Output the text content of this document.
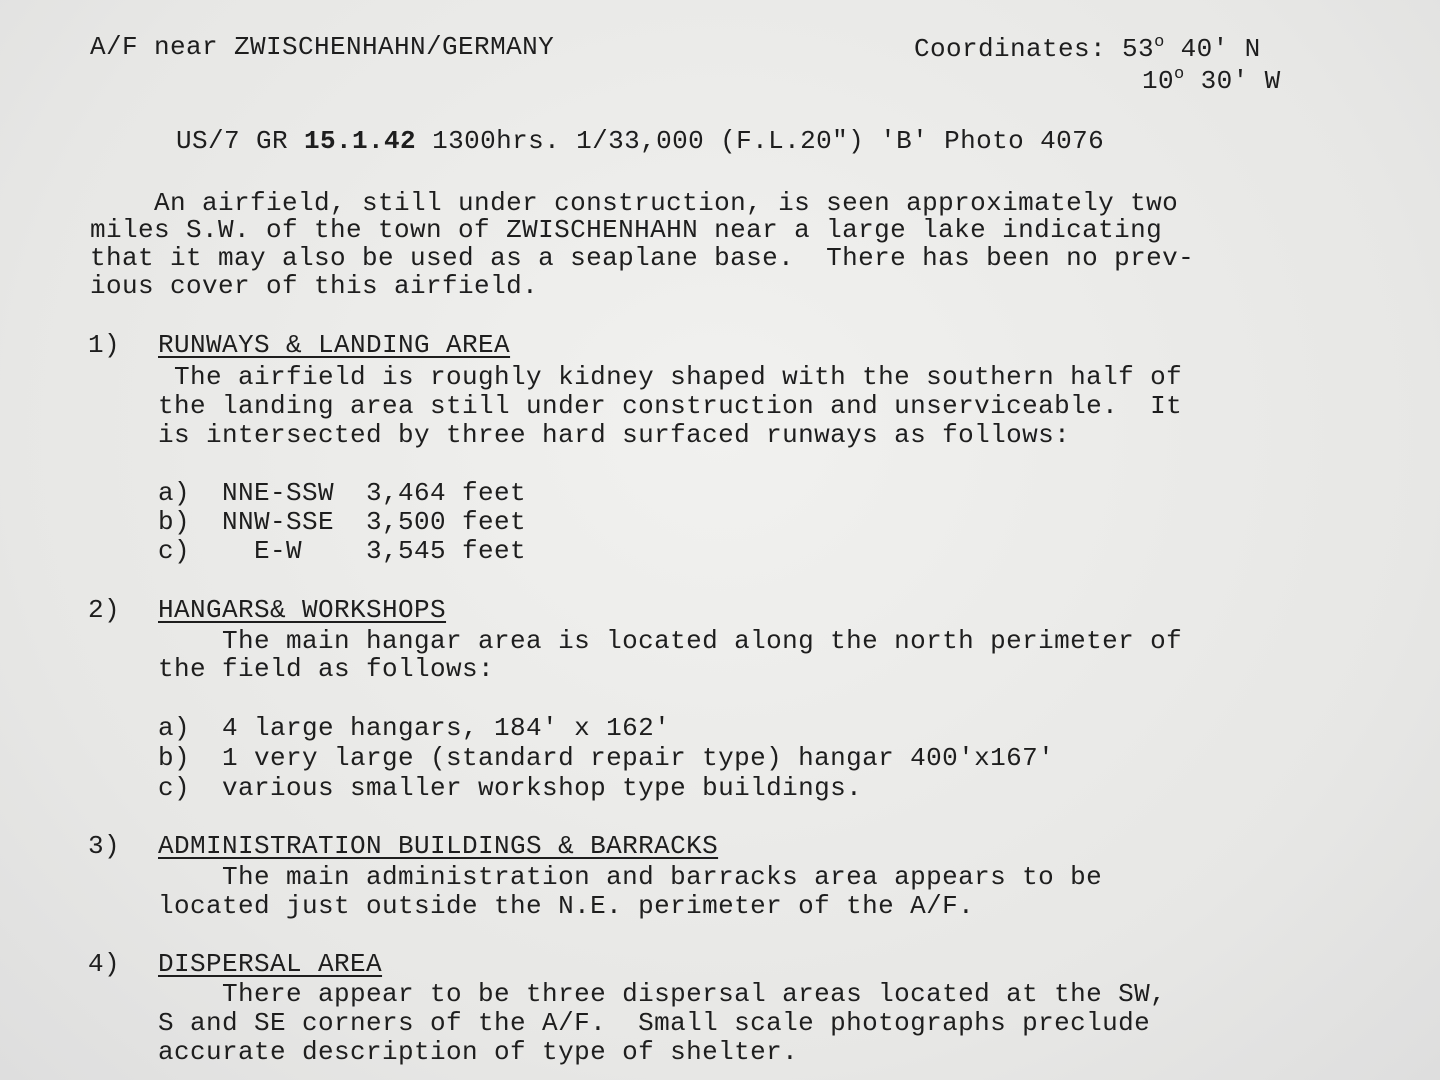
A/F near ZWISCHENHAHN/GERMANY	Coordinates: 53$^o$ 40' N
10$^o$ 30' W
US/7 GR 15.1.42 1300hrs. 1/33,000 (F.L.20") 'B' Photo 4076
An airfield, still under construction, is seen approximately two
miles S.W. of the town of ZWISCHENHAHN near a large lake indicating
that it may also be used as a seaplane base.  There has been no prev-
ious cover of this airfield.
1) RUNWAYS & LANDING AREA
The airfield is roughly kidney shaped with the southern half of
the landing area still under construction and unserviceable.  It
is intersected by three hard surfaced runways as follows:
a)  NNE-SSW  3,464 feet
b)  NNW-SSE  3,500 feet
c)    E-W    3,545 feet
2) HANGARS& WORKSHOPS
The main hangar area is located along the north perimeter of
the field as follows:
a)  4 large hangars, 184' x 162'
b)  1 very large (standard repair type) hangar 400'x167'
c)  various smaller workshop type buildings.
3) ADMINISTRATION BUILDINGS & BARRACKS
The main administration and barracks area appears to be
located just outside the N.E. perimeter of the A/F.
4) DISPERSAL AREA
There appear to be three dispersal areas located at the SW,
S and SE corners of the A/F.  Small scale photographs preclude
accurate description of type of shelter.
